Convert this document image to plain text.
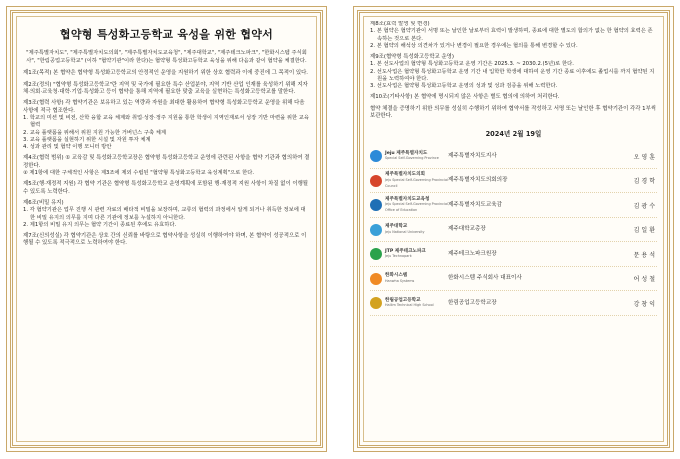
협약형 특성화고등학교 육성을 위한 협약서
"제주특별자치도", "제주특별자치도의회", "제주특별자치도교육청", "제주대학교", "제주테크노파크", "한화시스템 주식회사", "한림공업고등학교" (이하 "협약기관"이라 한다)는 협약형 특성화고등학교 육성을 위해 다음과 같이 협약을 체결한다.
제1조(목적) 본 협약은 협약형 특성화고등학교의 안정적인 운영을 지원하기 위한 상호 협력과 이에 중진에 그 목적이 있다.
제2조(정의) "협약형 특성화고등학교"란 지역 및 국가에 필요한 특수 산업분야, 지역 기반 산업 인재를 육성하기 위해 지자체·의회·교육청·대학·기업·특성화고 등이 협약을 통해 지역에 필요한 맞춤 교육을 실현하는 특성화고등학교를 말한다.
제3조(협력 사항) 각 협약기관은 보유하고 있는 역량과 자원을 최대한 활용하여 협약형 특성화고등학교 운영을 위해 다음 사항에 적극 협조한다.
1. 학교의 미션 및 비전, 산학 융합 교육 체계와 취업·성장·정주 지원을 통한 학생이 지역인재로서 성장 기반 마련을 위한 교육 협력
2. 교육 플랫폼을 위해서 위원 지원 가능한 거버넌스 구축 체계
3. 교육 플랫폼을 실현하기 위한 시설 및 자원 투자 체계
4. 성과 관리 및 협약 이행 모니터 방안
제4조(협력 범위) ① 교육감 및 특성화고등학교장은 협약형 특성화고등학교 운영에 관련된 사항을 협약 기관과 협의하여 결정한다.
② 제1항에 대한 구체적인 사항은 제3조에 제외 수립된 "협약형 특성화고등학교 육성계획"으로 한다.
제5조(행·재정적 지원) 각 협약 기관은 협약형 특성화고등학교 운영계획에 포함된 행·재정적 지원 사항이 차질 없이 이행될 수 있도록 노력한다.
제6조(비밀 유지)
1. 각 협약기관은 업무 진행 시 관련 자료의 배타적 비밀을 보장하며, 교류의 협력의 과정에서 알게 되거나 취득한 정보에 대한 비밀 유지의 의무를 지며 다른 기관에 정보를 누설하지 아니한다.
2. 제1항의 비밀 유지 의무는 협약 기간이 종료된 후에도 유효하다.
제7조(신의성실) 각 협약기관은 상호 간의 신뢰를 바탕으로 협약사항을 성실히 이행하여야 하며, 본 협약이 성공적으로 이행될 수 있도록 적극적으로 노력하여야 한다.
제8조(효력 발생 및 변경)
1. 본 협약은 협약기관이 서명 또는 날인한 날로부터 효력이 발생하며, 종료에 대한 별도의 합의가 없는 한 협약의 효력은 존속하는 것으로 본다.
2. 본 협약의 해석상 의견차가 있거나 변경이 필요한 경우에는 협의를 통해 변경할 수 있다.
제9조(협약형 특성화고등학교 운영)
1. 본 선도사업의 협약형 특성화고등학교 운영 기간은 2025.3. ~ 2030.2.(5년)로 한다.
2. 선도사업은 협약형 특성화고등학교 운영 기간 내 입학한 학생에 대하여 운영 기간 종료 이후에도 졸업시를 까지 협약된 지원을 노력하여야 한다.
3. 선도사업은 협약형 특성화고등학교 운영의 성과 및 성과 검증을 위해 노력한다.
제10조(기타사항) 본 협약에 명시되지 않은 사항은 별도 협의에 의하여 처리한다.
협약 체결을 증명하기 위한 의무를 성실히 수행하기 위하여 협약서를 작성하고 서명 또는 날인한 후 협약기관이 각각 1부씩 보관한다.
2024년 2월 19일
Jeju 제주특별자치도
Special Self-Governing Province 제주특별자치도지사	오영훈
제주특별자치도의회
Jeju Special Self-Governing Provincial Council
제주특별자치도의회의장	김경학
제주특별자치도교육청
Jeju Special Self-Governing Provincial Office of Education
제주특별자치도교육감	김광수
제주대학교
Jeju National University	제주대학교총장	김일환
JTP 제주테크노파크
Jeju Technopark	제주테크노파크원장	문용석
한화시스템
Hanwha Systems	한화시스템 주식회사 대표이사	어성철
한림공업고등학교
Hallim Technical High School	한림공업고등학교장	강창익
